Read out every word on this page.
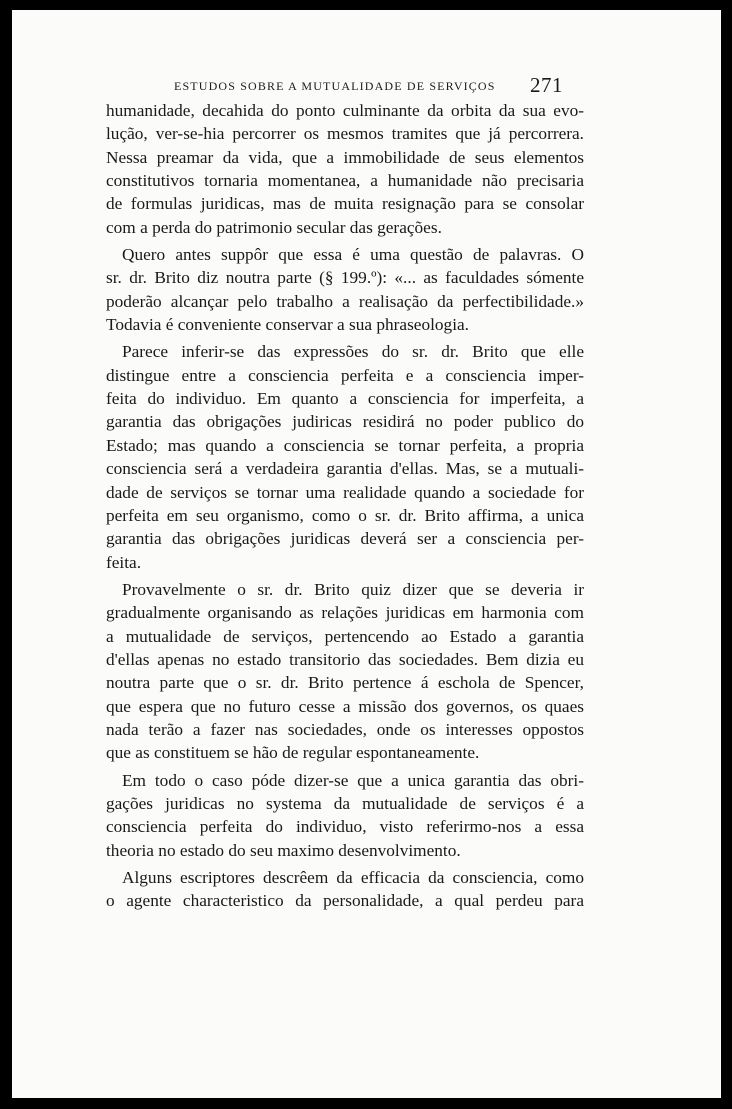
ESTUDOS SOBRE A MUTUALIDADE DE SERVIÇOS 271
humanidade, decahida do ponto culminante da orbita da sua evo-
lução, ver-se-hia percorrer os mesmos tramites que já percorrera.
Nessa preamar da vida, que a immobilidade de seus elementos
constitutivos tornaria momentanea, a humanidade não precisaria
de formulas juridicas, mas de muita resignação para se consolar
com a perda do patrimonio secular das gerações.
Quero antes suppôr que essa é uma questão de palavras. O
sr. dr. Brito diz noutra parte (§ 199.º): «... as faculdades sómente
poderão alcançar pelo trabalho a realisação da perfectibilidade.»
Todavia é conveniente conservar a sua phraseologia.
Parece inferir-se das expressões do sr. dr. Brito que elle
distingue entre a consciencia perfeita e a consciencia imper-
feita do individuo. Em quanto a consciencia for imperfeita, a
garantia das obrigações judiricas residirá no poder publico do
Estado; mas quando a consciencia se tornar perfeita, a propria
consciencia será a verdadeira garantia d'ellas. Mas, se a mutuali-
dade de serviços se tornar uma realidade quando a sociedade for
perfeita em seu organismo, como o sr. dr. Brito affirma, a unica
garantia das obrigações juridicas deverá ser a consciencia per-
feita.
Provavelmente o sr. dr. Brito quiz dizer que se deveria ir
gradualmente organisando as relações juridicas em harmonia com
a mutualidade de serviços, pertencendo ao Estado a garantia
d'ellas apenas no estado transitorio das sociedades. Bem dizia eu
noutra parte que o sr. dr. Brito pertence á eschola de Spencer,
que espera que no futuro cesse a missão dos governos, os quaes
nada terão a fazer nas sociedades, onde os interesses oppostos
que as constituem se hão de regular espontaneamente.
Em todo o caso póde dizer-se que a unica garantia das obri-
gações juridicas no systema da mutualidade de serviços é a
consciencia perfeita do individuo, visto referirmo-nos a essa
theoria no estado do seu maximo desenvolvimento.
Alguns escriptores descrêem da efficacia da consciencia, como
o agente characteristico da personalidade, a qual perdeu para
